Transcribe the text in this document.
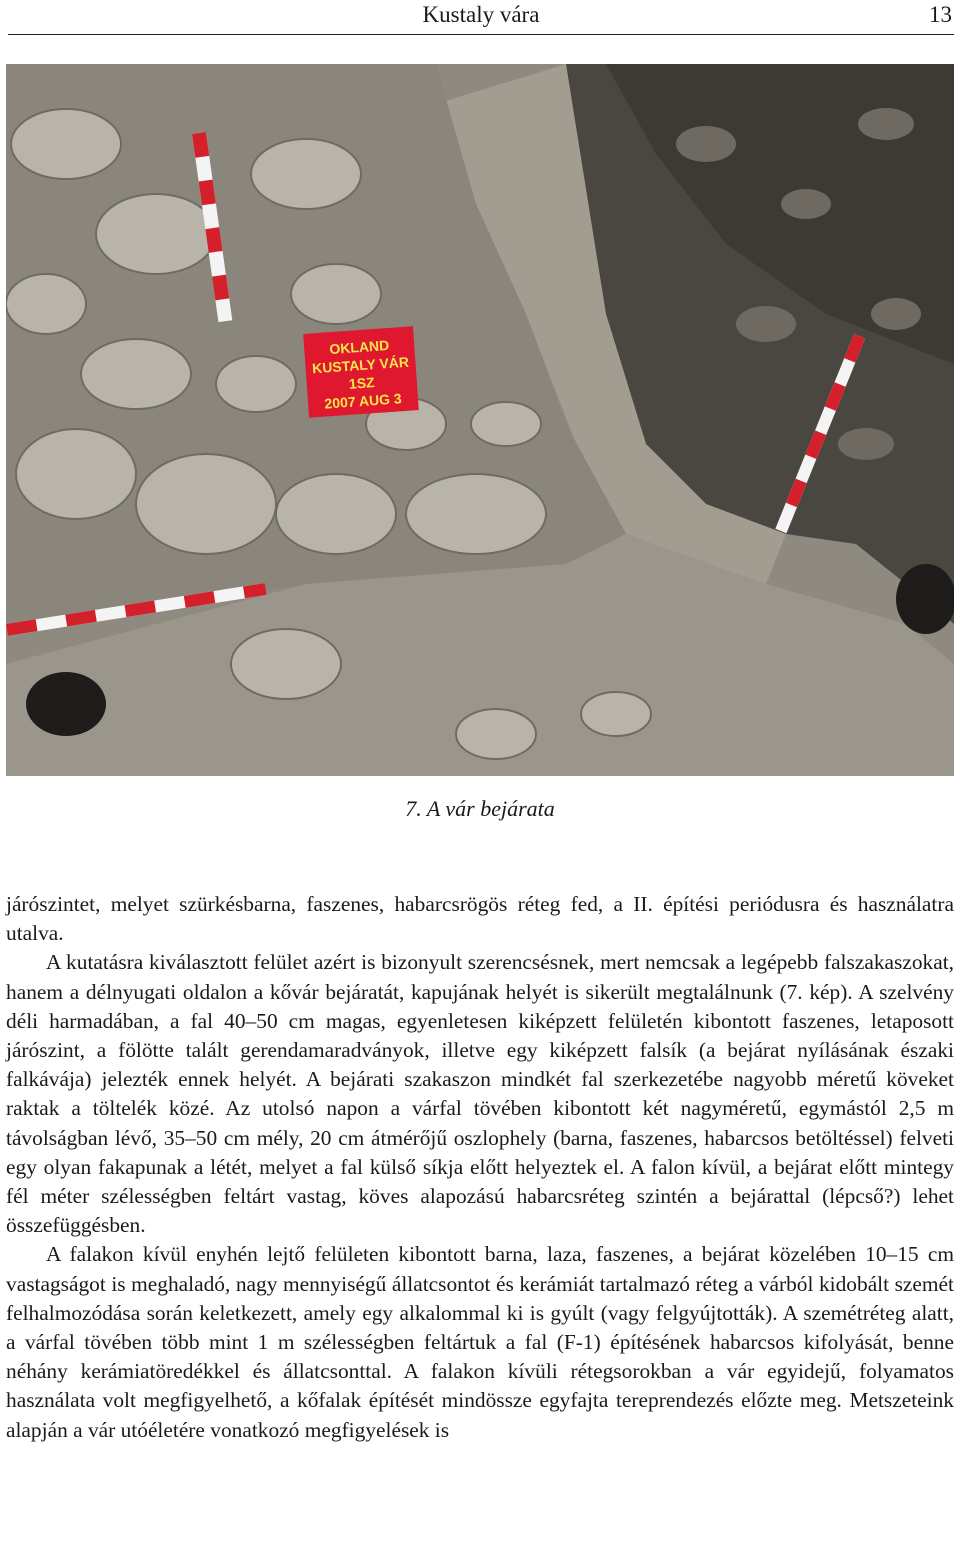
Kustaly vára	13
OKLAND
KUSTALY VÁR
1SZ
2007 AUG 3
7. A vár bejárata

járószintet, melyet szürkésbarna, faszenes, habarcsrögös réteg fed, a II. építési periódusra és használatra utalva.

A kutatásra kiválasztott felület azért is bizonyult szerencsésnek, mert nemcsak a legépebb falszakaszokat, hanem a délnyugati oldalon a kővár bejáratát, kapujának helyét is sikerült megtalálnunk (7. kép). A szelvény déli harmadában, a fal 40–50 cm magas, egyenletesen kiképzett felületén kibontott faszenes, letaposott járószint, a fölötte talált gerendamaradványok, illetve egy kiképzett falsík (a bejárat nyílásának északi falkávája) jelezték ennek helyét. A bejárati szakaszon mindkét fal szerkezetébe nagyobb méretű köveket raktak a töltelék közé. Az utolsó napon a várfal tövében kibontott két nagyméretű, egymástól 2,5 m távolságban lévő, 35–50 cm mély, 20 cm átmérőjű oszlophely (barna, faszenes, habarcsos betöltéssel) felveti egy olyan fakapunak a létét, melyet a fal külső síkja előtt helyeztek el. A falon kívül, a bejárat előtt mintegy fél méter szélességben feltárt vastag, köves alapozású habarcsréteg szintén a bejárattal (lépcső?) lehet összefüggésben.

A falakon kívül enyhén lejtő felületen kibontott barna, laza, faszenes, a bejárat közelében 10–15 cm vastagságot is meghaladó, nagy mennyiségű állatcsontot és kerámiát tartalmazó réteg a várból kidobált szemét felhalmozódása során keletkezett, amely egy alkalommal ki is gyúlt (vagy felgyújtották). A szemétréteg alatt, a várfal tövében több mint 1 m szélességben feltártuk a fal (F-1) építésének habarcsos kifolyását, benne néhány kerámiatöredékkel és állatcsonttal. A falakon kívüli rétegsorokban a vár egyidejű, folyamatos használata volt megfigyelhető, a kőfalak építését mindössze egyfajta tereprendezés előzte meg. Metszeteink alapján a vár utóéletére vonatkozó megfigyelések is
